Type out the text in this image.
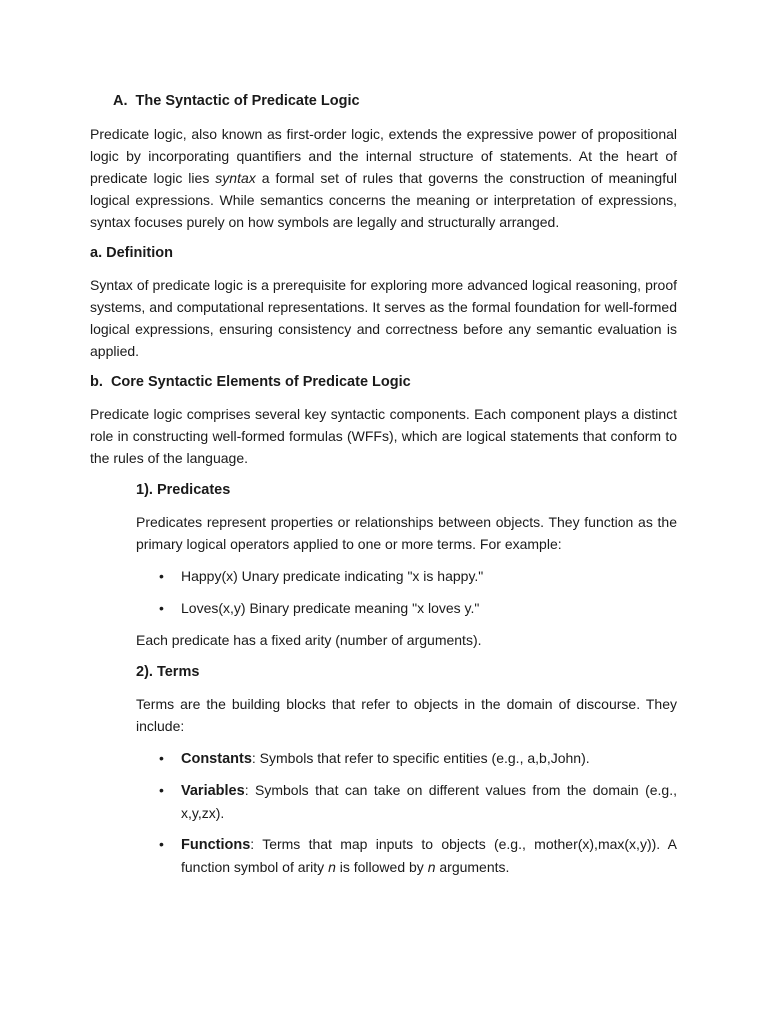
A.  The Syntactic of Predicate Logic

Predicate logic, also known as first-order logic, extends the expressive power of propositional logic by incorporating quantifiers and the internal structure of statements. At the heart of predicate logic lies syntax a formal set of rules that governs the construction of meaningful logical expressions. While semantics concerns the meaning or interpretation of expressions, syntax focuses purely on how symbols are legally and structurally arranged.

a. Definition

Syntax of predicate logic is a prerequisite for exploring more advanced logical reasoning, proof systems, and computational representations. It serves as the formal foundation for well-formed logical expressions, ensuring consistency and correctness before any semantic evaluation is applied.

b.  Core Syntactic Elements of Predicate Logic

Predicate logic comprises several key syntactic components. Each component plays a distinct role in constructing well-formed formulas (WFFs), which are logical statements that conform to the rules of the language.

1). Predicates

Predicates represent properties or relationships between objects. They function as the primary logical operators applied to one or more terms. For example:

• Happy(x) Unary predicate indicating "x is happy."
• Loves(x,y) Binary predicate meaning "x loves y."

Each predicate has a fixed arity (number of arguments).

2). Terms

Terms are the building blocks that refer to objects in the domain of discourse. They include:

• Constants: Symbols that refer to specific entities (e.g., a,b,John).
• Variables: Symbols that can take on different values from the domain (e.g., x,y,zx).
• Functions: Terms that map inputs to objects (e.g., mother(x),max(x,y)). A function symbol of arity n is followed by n arguments.
